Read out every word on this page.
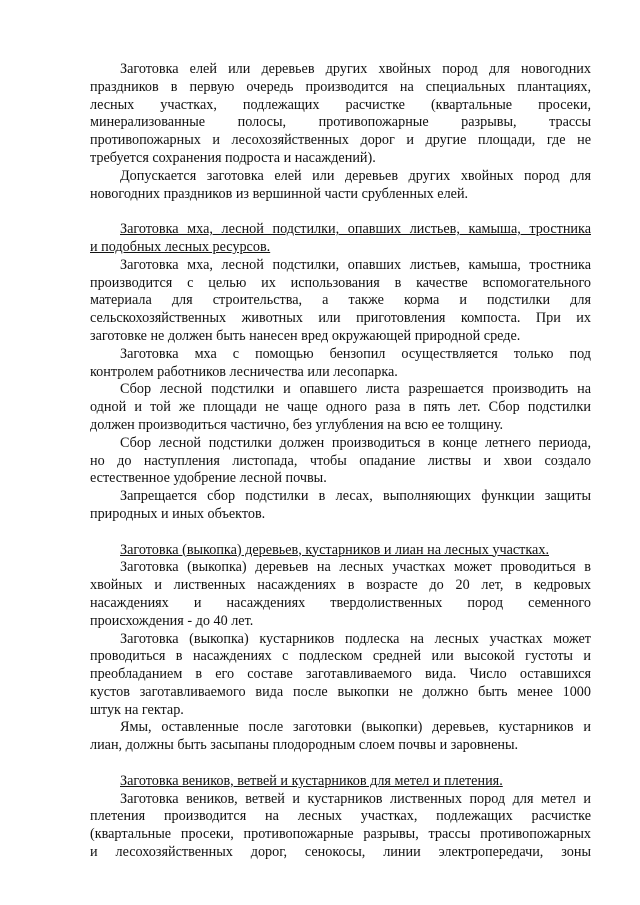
Заготовка елей или деревьев других хвойных пород для новогодних
праздников в первую очередь производится на специальных плантациях,
лесных участках, подлежащих расчистке (квартальные просеки,
минерализованные полосы, противопожарные разрывы, трассы
противопожарных и лесохозяйственных дорог и другие площади, где не
требуется сохранения подроста и насаждений).
Допускается заготовка елей или деревьев других хвойных пород для
новогодних праздников из вершинной части срубленных елей.
Заготовка мха, лесной подстилки, опавших листьев, камыша, тростника
и подобных лесных ресурсов.
Заготовка мха, лесной подстилки, опавших листьев, камыша, тростника
производится с целью их использования в качестве вспомогательного
материала для строительства, а также корма и подстилки для
сельскохозяйственных животных или приготовления компоста. При их
заготовке не должен быть нанесен вред окружающей природной среде.
Заготовка мха с помощью бензопил осуществляется только под
контролем работников лесничества или лесопарка.
Сбор лесной подстилки и опавшего листа разрешается производить на
одной и той же площади не чаще одного раза в пять лет. Сбор подстилки
должен производиться частично, без углубления на всю ее толщину.
Сбор лесной подстилки должен производиться в конце летнего периода,
но до наступления листопада, чтобы опадание листвы и хвои создало
естественное удобрение лесной почвы.
Запрещается сбор подстилки в лесах, выполняющих функции защиты
природных и иных объектов.
Заготовка (выкопка) деревьев, кустарников и лиан на лесных участках.
Заготовка (выкопка) деревьев на лесных участках может проводиться в
хвойных и лиственных насаждениях в возрасте до 20 лет, в кедровых
насаждениях и насаждениях твердолиственных пород семенного
происхождения - до 40 лет.
Заготовка (выкопка) кустарников подлеска на лесных участках может
проводиться в насаждениях с подлеском средней или высокой густоты и
преобладанием в его составе заготавливаемого вида. Число оставшихся
кустов заготавливаемого вида после выкопки не должно быть менее 1000
штук на гектар.
Ямы, оставленные после заготовки (выкопки) деревьев, кустарников и
лиан, должны быть засыпаны плодородным слоем почвы и заровнены.
Заготовка веников, ветвей и кустарников для метел и плетения.
Заготовка веников, ветвей и кустарников лиственных пород для метел и
плетения производится на лесных участках, подлежащих расчистке
(квартальные просеки, противопожарные разрывы, трассы противопожарных
и лесохозяйственных дорог, сенокосы, линии электропередачи, зоны
